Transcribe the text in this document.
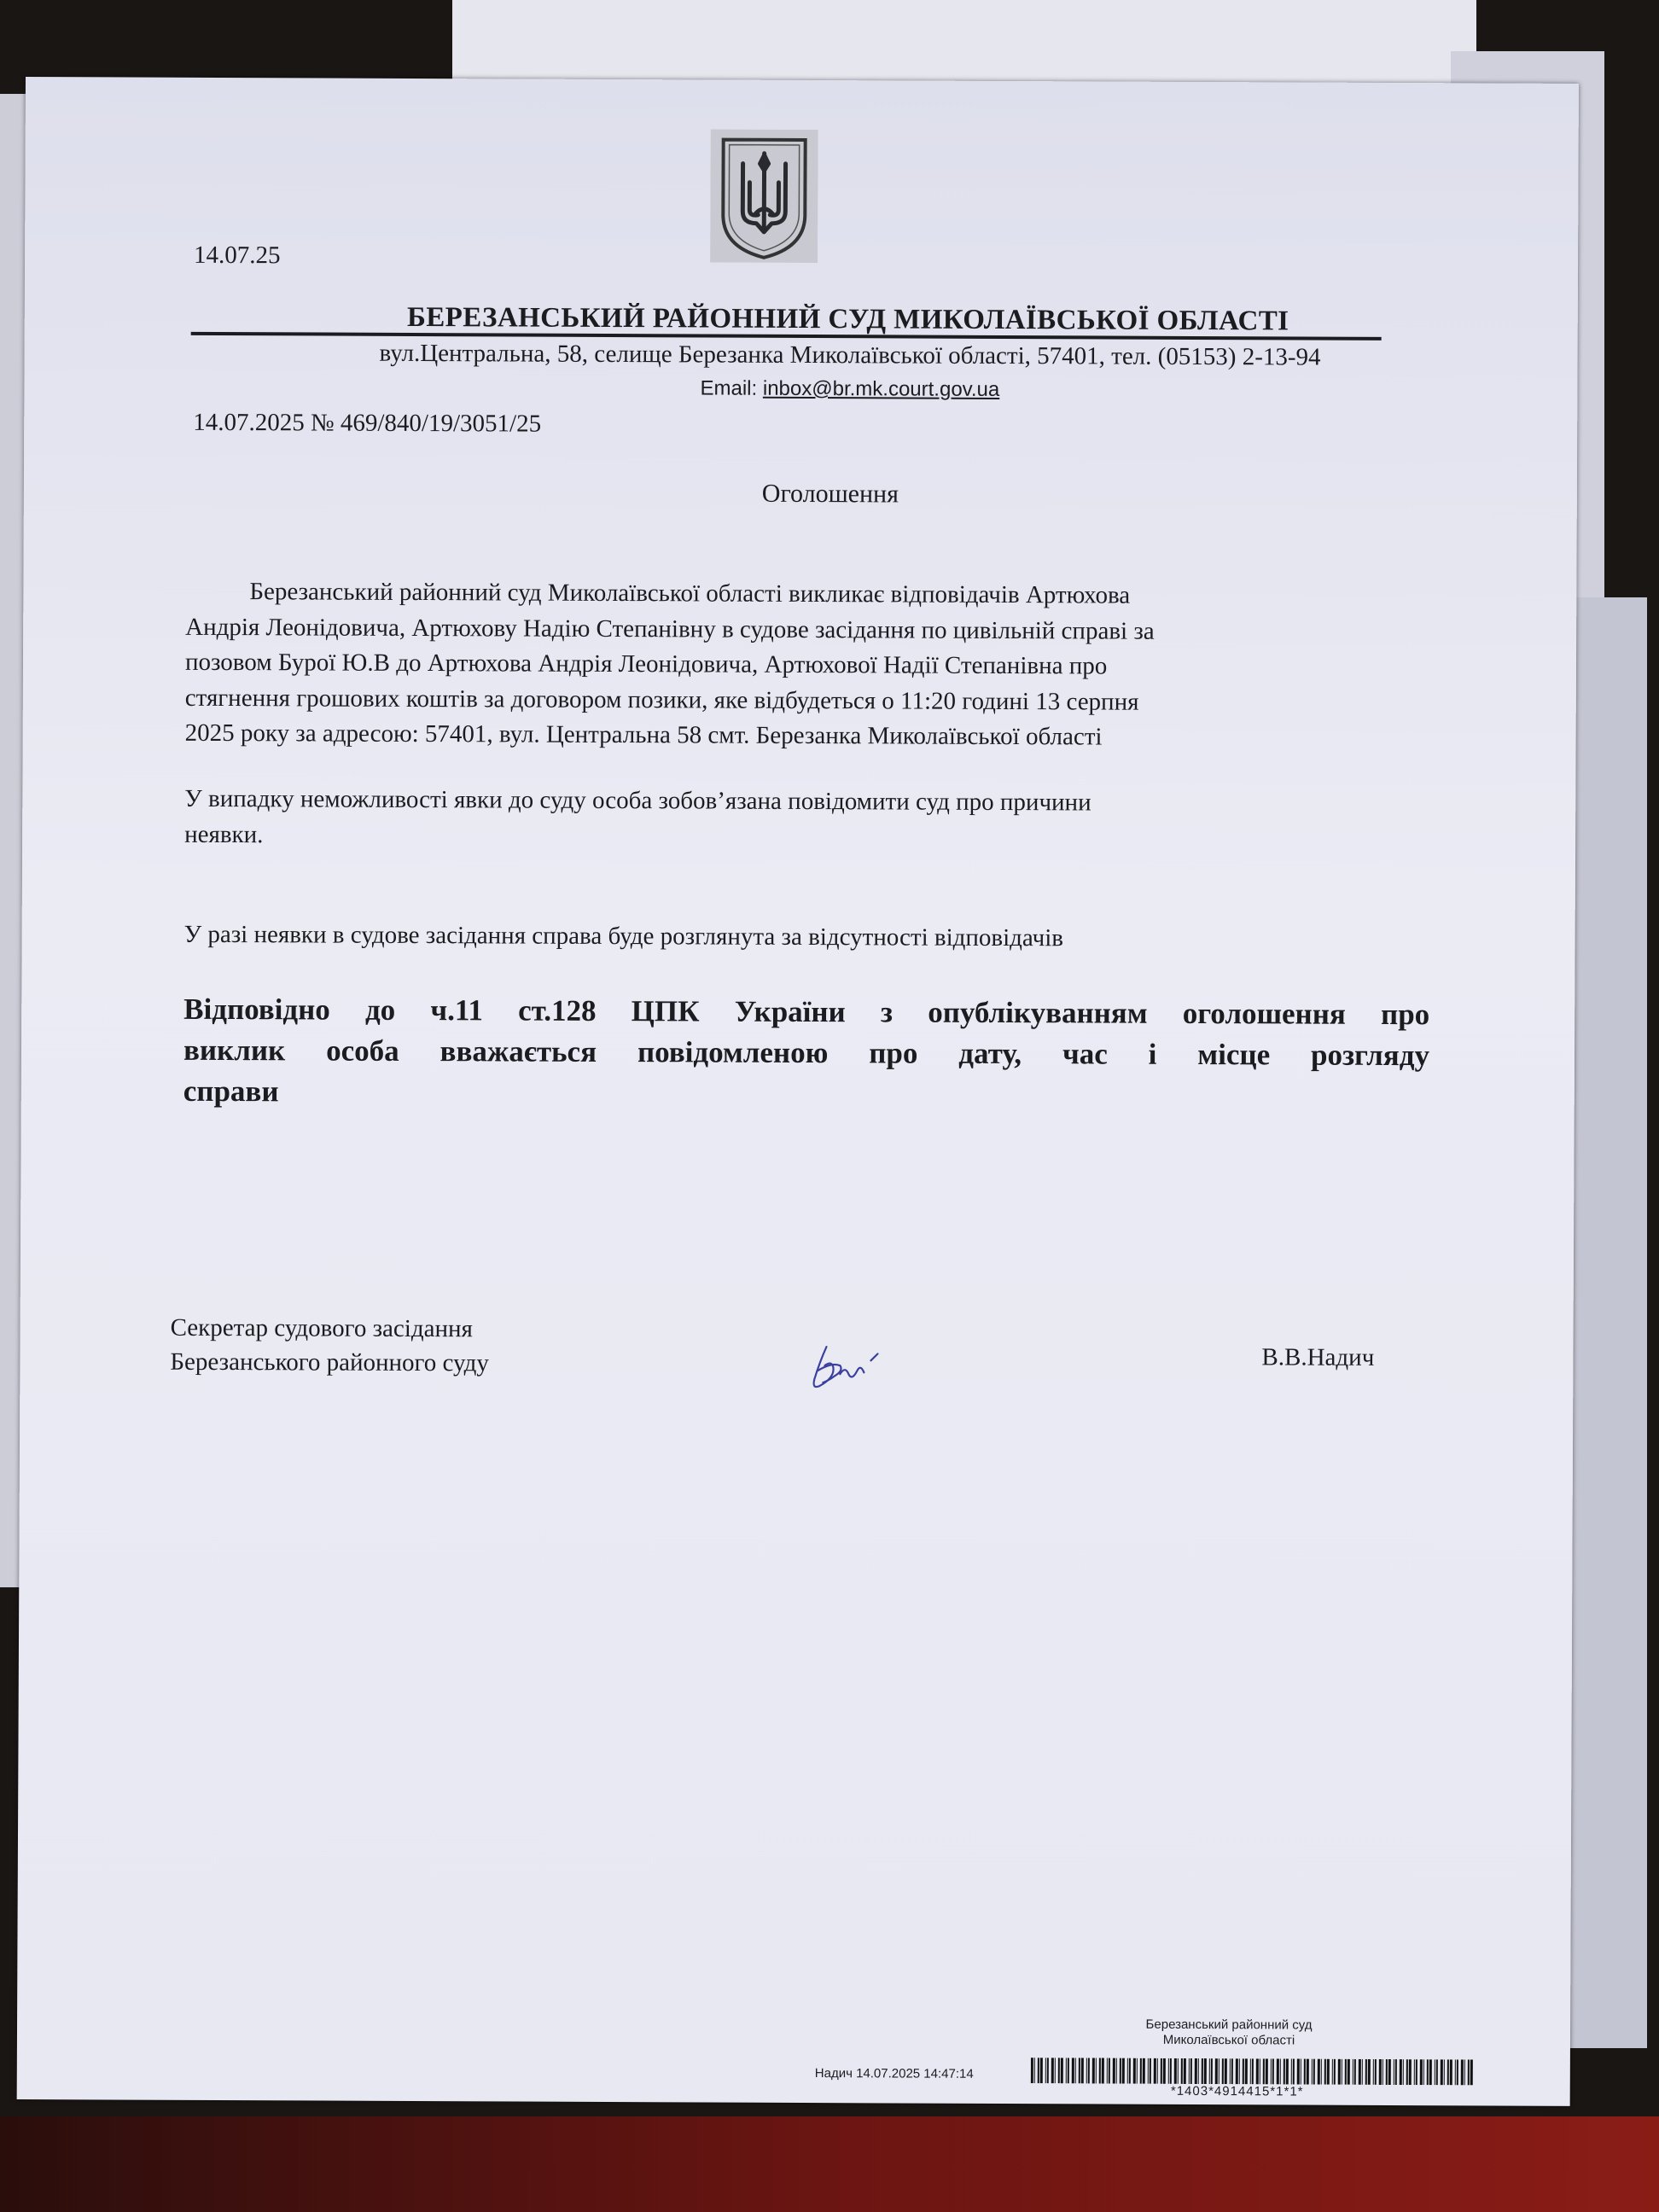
14.07.25
БЕРЕЗАНСЬКИЙ РАЙОННИЙ СУД МИКОЛАЇВСЬКОЇ ОБЛАСТІ
вул.Центральна, 58, селище Березанка Миколаївської області, 57401, тел. (05153) 2-13-94
Email: inbox@br.mk.court.gov.ua
14.07.2025 № 469/840/19/3051/25
Оголошення
Березанський районний суд Миколаївської області викликає відповідачів Артюхова
Андрія Леонідовича, Артюхову Надію Степанівну в судове засідання по цивільній справі за
позовом Бурої Ю.В до Артюхова Андрія Леонідовича, Артюхової Надії Степанівна про
стягнення грошових коштів за договором позики, яке відбудеться о 11:20 годині 13 серпня
2025 року за адресою: 57401, вул. Центральна 58 смт. Березанка Миколаївської області
У випадку неможливості явки до суду особа зобов’язана повідомити суд про причини
неявки.
У разі неявки в судове засідання справа буде розглянута за відсутності відповідачів
Відповідно до ч.11 ст.128 ЦПК України з опублікуванням оголошення про
виклик особа вважається повідомленою про дату, час і місце розгляду
справи
Секретар судового засідання
Березанського районного суду	В.В.Надич
Березанський районний суд
Миколаївської області
Надич 14.07.2025 14:47:14
*1403*4914415*1*1*
